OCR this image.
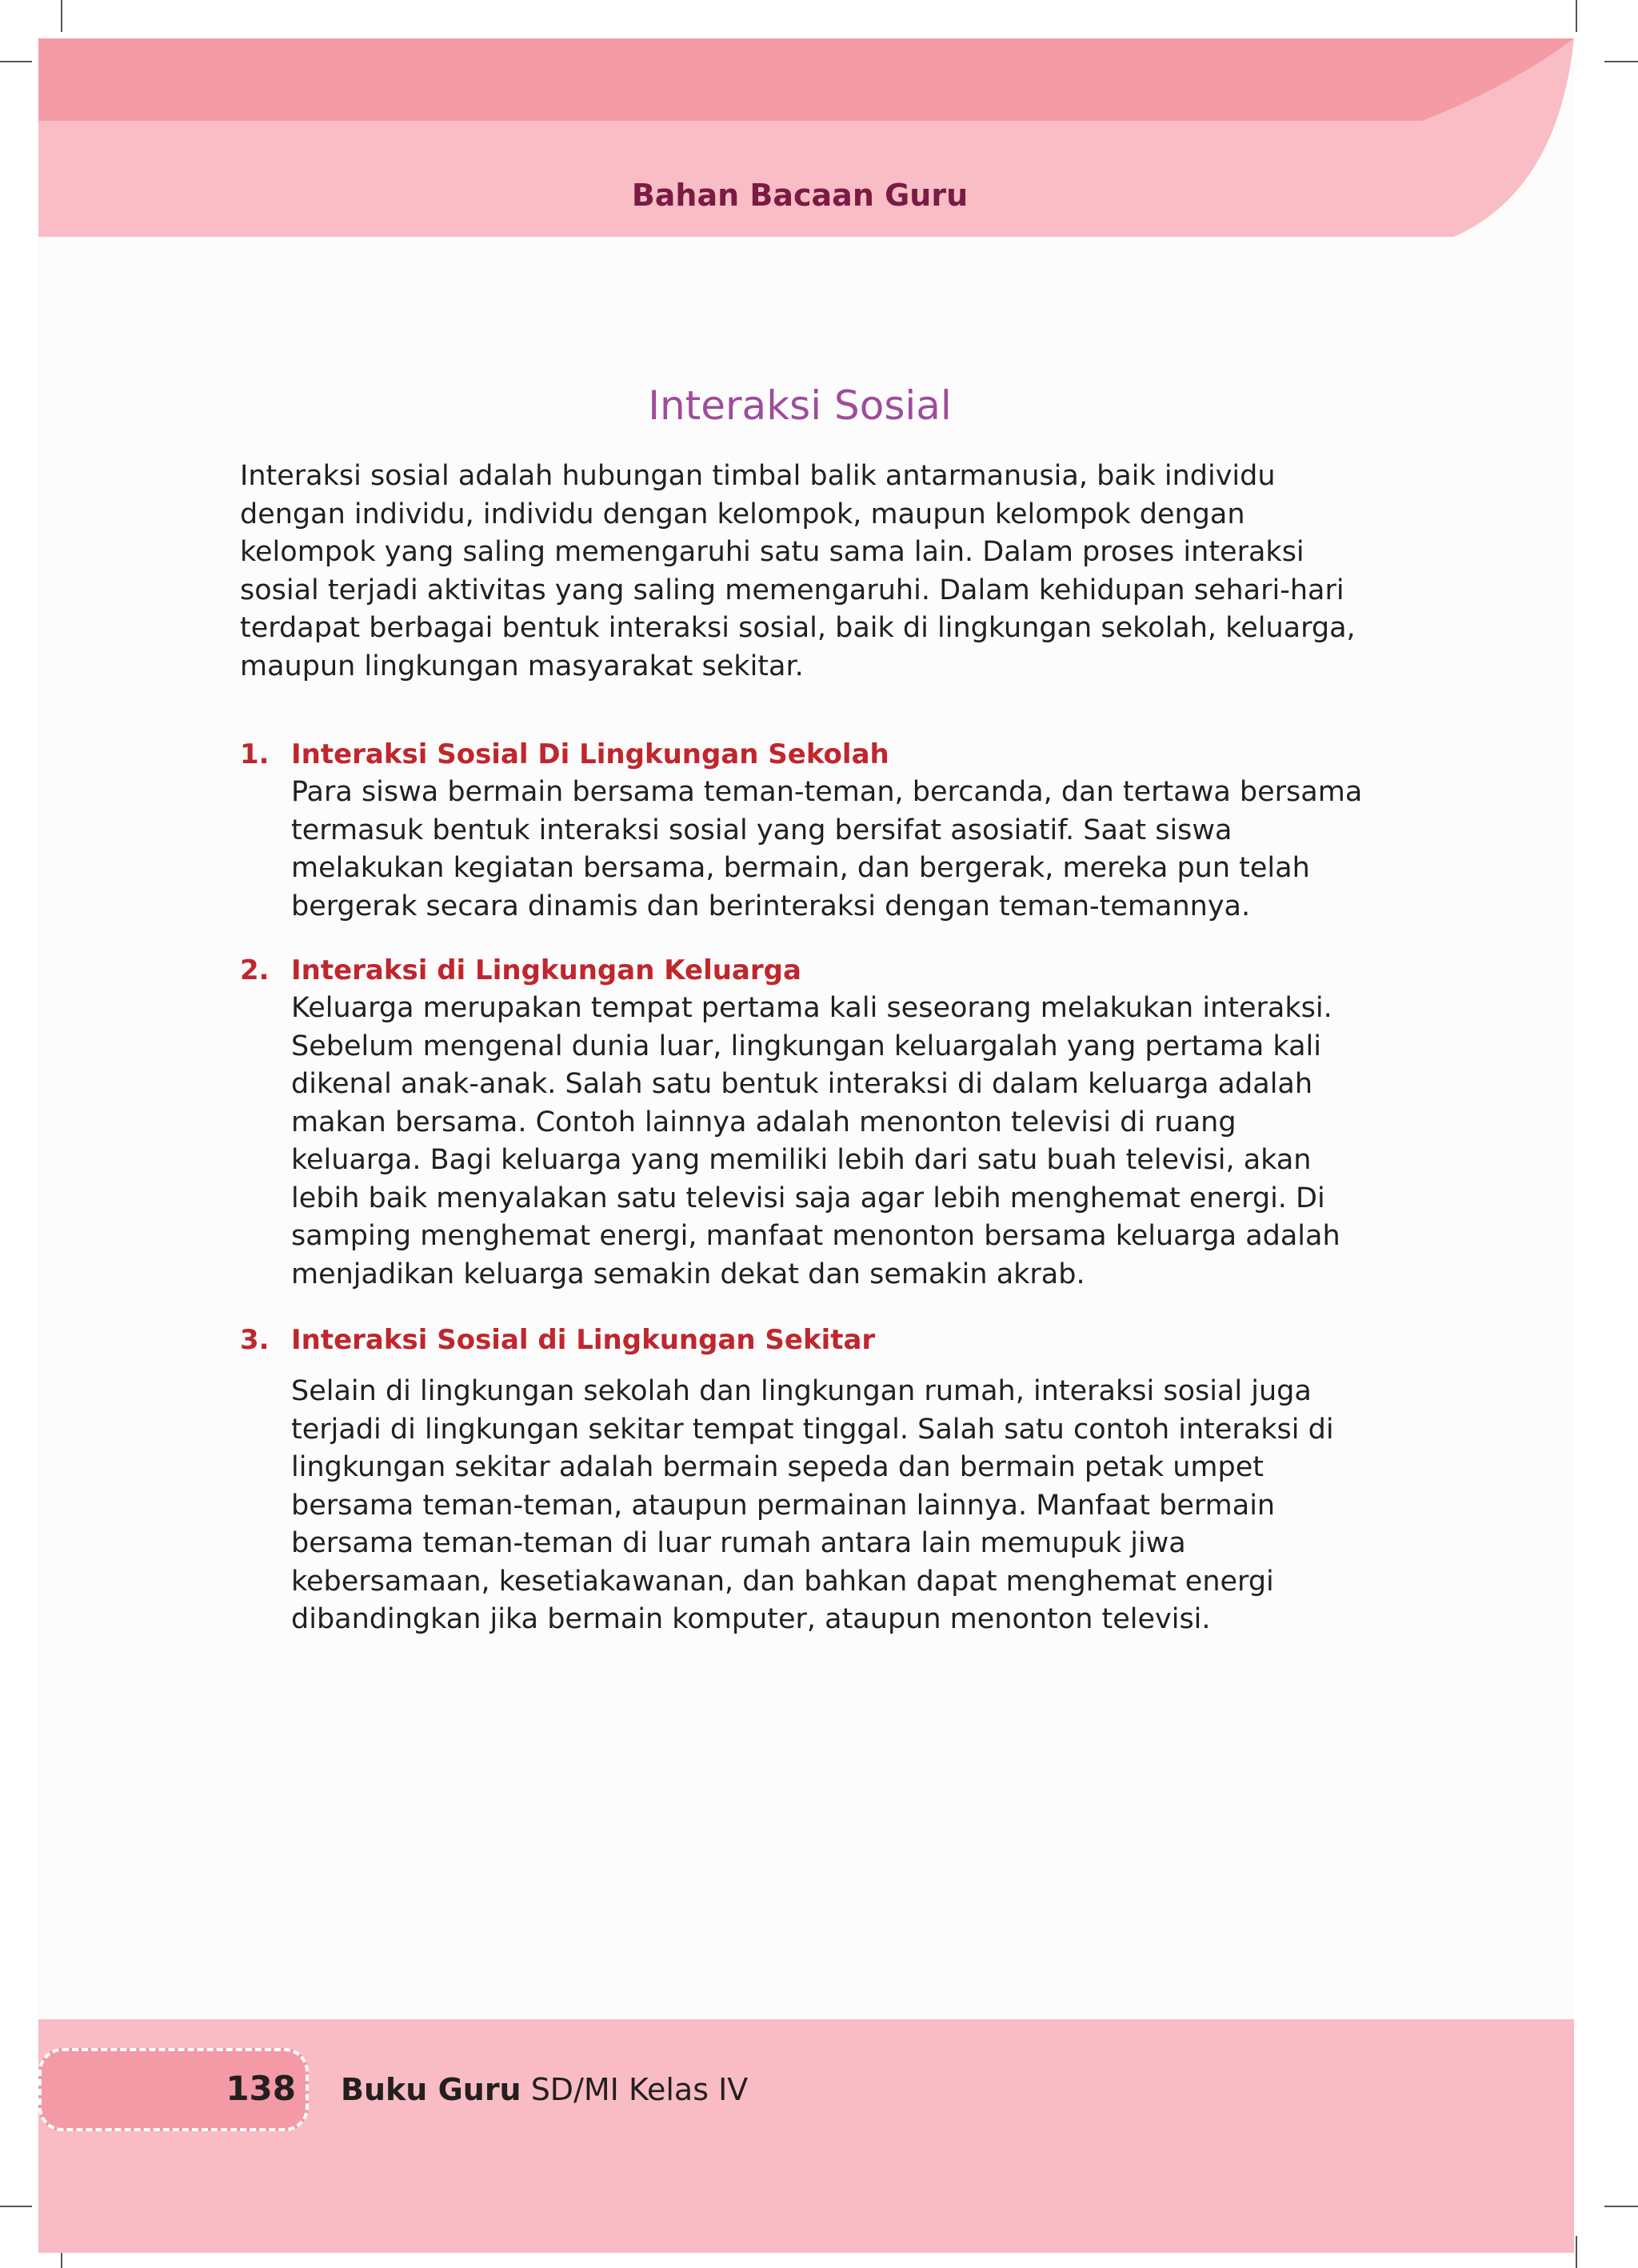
Bahan Bacaan Guru
Interaksi Sosial

Interaksi sosial adalah hubungan timbal balik antarmanusia, baik individu dengan individu, individu dengan kelompok, maupun kelompok dengan kelompok yang saling memengaruhi satu sama lain. Dalam proses interaksi sosial terjadi aktivitas yang saling memengaruhi. Dalam kehidupan sehari-hari terdapat berbagai bentuk interaksi sosial, baik di lingkungan sekolah, keluarga, maupun lingkungan masyarakat sekitar.

1. Interaksi Sosial Di Lingkungan Sekolah

Para siswa bermain bersama teman-teman, bercanda, dan tertawa bersama termasuk bentuk interaksi sosial yang bersifat asosiatif. Saat siswa melakukan kegiatan bersama, bermain, dan bergerak, mereka pun telah bergerak secara dinamis dan berinteraksi dengan teman-temannya.

2. Interaksi di Lingkungan Keluarga

Keluarga merupakan tempat pertama kali seseorang melakukan interaksi. Sebelum mengenal dunia luar, lingkungan keluargalah yang pertama kali dikenal anak-anak. Salah satu bentuk interaksi di dalam keluarga adalah makan bersama. Contoh lainnya adalah menonton televisi di ruang keluarga. Bagi keluarga yang memiliki lebih dari satu buah televisi, akan lebih baik menyalakan satu televisi saja agar lebih menghemat energi. Di samping menghemat energi, manfaat menonton bersama keluarga adalah menjadikan keluarga semakin dekat dan semakin akrab.

3. Interaksi Sosial di Lingkungan Sekitar

Selain di lingkungan sekolah dan lingkungan rumah, interaksi sosial juga terjadi di lingkungan sekitar tempat tinggal. Salah satu contoh interaksi di lingkungan sekitar adalah bermain sepeda dan bermain petak umpet bersama teman-teman, ataupun permainan lainnya. Manfaat bermain bersama teman-teman di luar rumah antara lain memupuk jiwa kebersamaan, kesetiakawanan, dan bahkan dapat menghemat energi dibandingkan jika bermain komputer, ataupun menonton televisi.

138	Buku Guru SD/MI Kelas IV
